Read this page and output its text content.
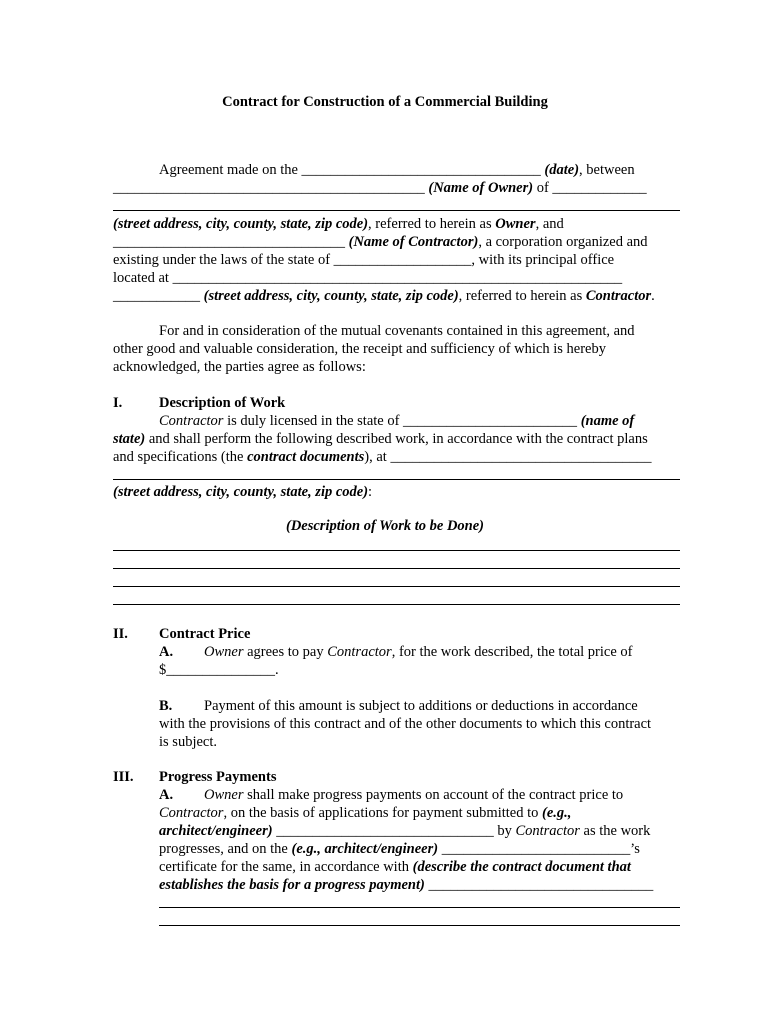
Contract for Construction of a Commercial Building
Agreement made on the _________________________________ (date), between
___________________________________________ (Name of Owner) of _____________
(street address, city, county, state, zip code), referred to herein as Owner, and
________________________________ (Name of Contractor), a corporation organized and
existing under the laws of the state of ___________________, with its principal office
located at ______________________________________________________________
____________ (street address, city, county, state, zip code), referred to herein as Contractor.
For and in consideration of the mutual covenants contained in this agreement, and
other good and valuable consideration, the receipt and sufficiency of which is hereby
acknowledged, the parties agree as follows:
I.	Description of Work
Contractor is duly licensed in the state of ________________________ (name of
state) and shall perform the following described work, in accordance with the contract plans
and specifications (the contract documents), at ____________________________________
(street address, city, county, state, zip code):
(Description of Work to be Done)
II. Contract Price
A. Owner agrees to pay Contractor, for the work described, the total price of
$_______________.
B. Payment of this amount is subject to additions or deductions in accordance
with the provisions of this contract and of the other documents to which this contract
is subject.
III. Progress Payments
A. Owner shall make progress payments on account of the contract price to
Contractor, on the basis of applications for payment submitted to (e.g.,
architect/engineer) ______________________________ by Contractor as the work
progresses, and on the (e.g., architect/engineer) __________________________’s
certificate for the same, in accordance with (describe the contract document that
establishes the basis for a progress payment) _______________________________
